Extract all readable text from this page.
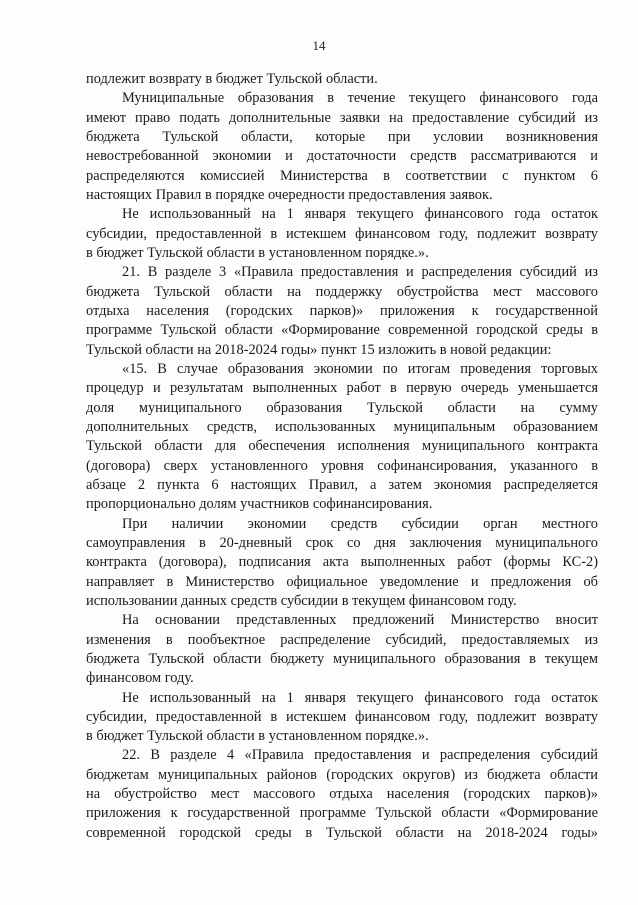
14
подлежит возврату в бюджет Тульской области.
Муниципальные образования в течение текущего финансового года
имеют право подать дополнительные заявки на предоставление субсидий из
бюджета Тульской области, которые при условии возникновения
невостребованной экономии и достаточности средств рассматриваются и
распределяются комиссией Министерства в соответствии с пунктом 6
настоящих Правил в порядке очередности предоставления заявок.
Не использованный на 1 января текущего финансового года остаток
субсидии, предоставленной в истекшем финансовом году, подлежит возврату
в бюджет Тульской области в установленном порядке.».
21. В разделе 3 «Правила предоставления и распределения субсидий из
бюджета Тульской области на поддержку обустройства мест массового
отдыха населения (городских парков)» приложения к государственной
программе Тульской области «Формирование современной городской среды в
Тульской области на 2018-2024 годы» пункт 15 изложить в новой редакции:
«15. В случае образования экономии по итогам проведения торговых
процедур и результатам выполненных работ в первую очередь уменьшается
доля муниципального образования Тульской области на сумму
дополнительных средств, использованных муниципальным образованием
Тульской области для обеспечения исполнения муниципального контракта
(договора) сверх установленного уровня софинансирования, указанного в
абзаце 2 пункта 6 настоящих Правил, а затем экономия распределяется
пропорционально долям участников софинансирования.
При наличии экономии средств субсидии орган местного
самоуправления в 20-дневный срок со дня заключения муниципального
контракта (договора), подписания акта выполненных работ (формы КС-2)
направляет в Министерство официальное уведомление и предложения об
использовании данных средств субсидии в текущем финансовом году.
На основании представленных предложений Министерство вносит
изменения в пообъектное распределение субсидий, предоставляемых из
бюджета Тульской области бюджету муниципального образования в текущем
финансовом году.
Не использованный на 1 января текущего финансового года остаток
субсидии, предоставленной в истекшем финансовом году, подлежит возврату
в бюджет Тульской области в установленном порядке.».
22. В разделе 4 «Правила предоставления и распределения субсидий
бюджетам муниципальных районов (городских округов) из бюджета области
на обустройство мест массового отдыха населения (городских парков)»
приложения к государственной программе Тульской области «Формирование
современной городской среды в Тульской области на 2018-2024 годы»
